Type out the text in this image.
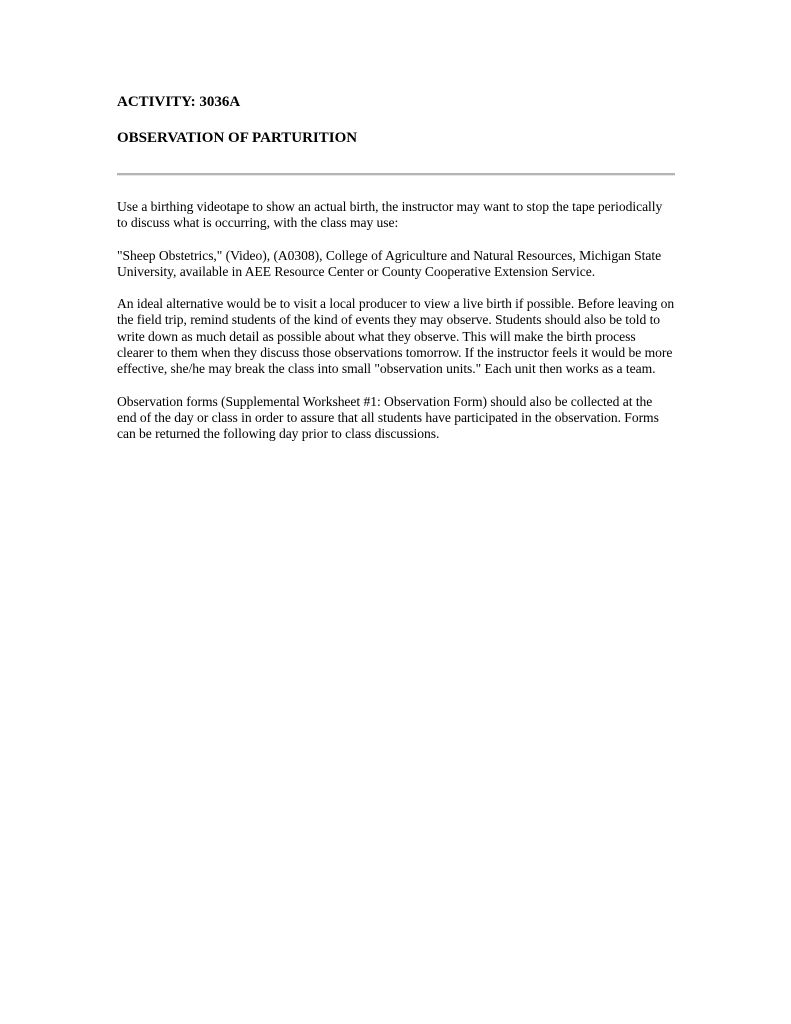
ACTIVITY: 3036A
OBSERVATION OF PARTURITION

Use a birthing videotape to show an actual birth, the instructor may want to stop the tape periodically to discuss what is occurring, with the class may use:

"Sheep Obstetrics," (Video), (A0308), College of Agriculture and Natural Resources, Michigan State University, available in AEE Resource Center or County Cooperative Extension Service.

An ideal alternative would be to visit a local producer to view a live birth if possible. Before leaving on the field trip, remind students of the kind of events they may observe. Students should also be told to write down as much detail as possible about what they observe. This will make the birth process clearer to them when they discuss those observations tomorrow. If the instructor feels it would be more effective, she/he may break the class into small "observation units." Each unit then works as a team.

Observation forms (Supplemental Worksheet #1: Observation Form) should also be collected at the end of the day or class in order to assure that all students have participated in the observation. Forms can be returned the following day prior to class discussions.
